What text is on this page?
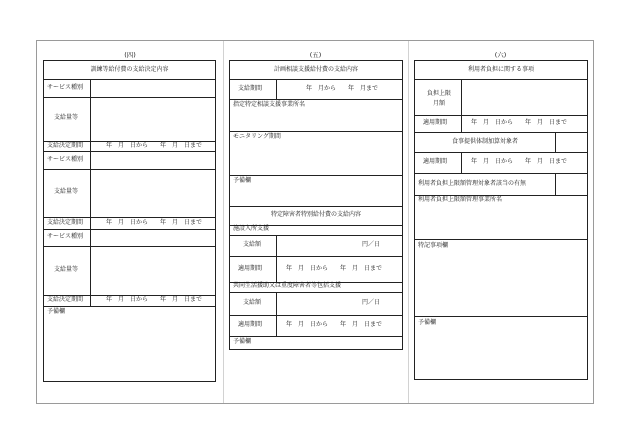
(四)
訓練等給付費の支給決定内容
サービス種別
支給量等
支給決定期間	年　月　日から　　年　月　日まで
サービス種別
支給量等
支給決定期間	年　月　日から　　年　月　日まで
サービス種別
支給量等
支給決定期間	年　月　日から　　年　月　日まで
予備欄
(五)
計画相談支援給付費の支給内容
支給期間	年　月から　　年　月まで
指定特定相談支援事業所名
モニタリング期間
予備欄
特定障害者特別給付費の支給内容
施設入所支援
支給額	円／日
適用期間	年　月　日から　　年　月　日まで
共同生活援助又は重度障害者等包括支援
支給額	円／日
適用期間	年　月　日から　　年　月　日まで
予備欄
(六)
利用者負担に関する事項
負担上限
月額
適用期間	年　月　日から　　年　月　日まで
食事提供体制加算対象者
適用期間	年　月　日から　　年　月　日まで
利用者負担上限額管理対象者該当の有無
利用者負担上限額管理事業所名
特記事項欄
予備欄
